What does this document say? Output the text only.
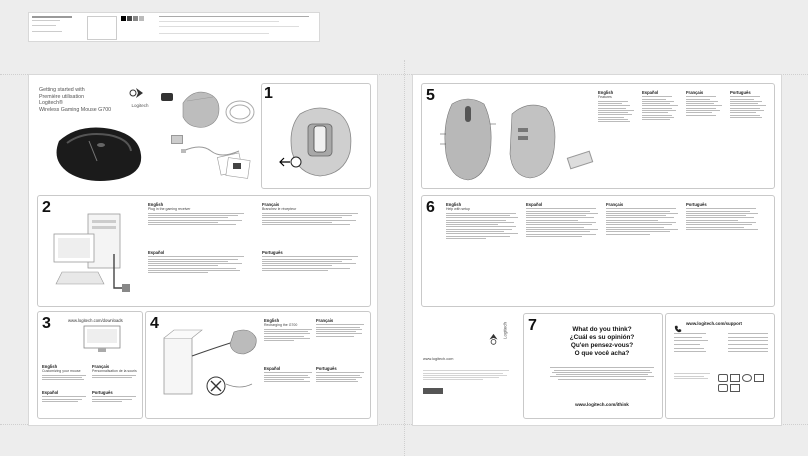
Getting started with
Première utilisation
Logitech®
Wireless Gaming Mouse G700
Logitech
1
2	English
Plug in the gaming receiver
Español
Français
Branchez le récepteur
Português
3	www.logitech.com/downloads
English
Customizing your mouse
Español
Français
Personnalisation de la souris
Português
4	English
Recharging the G700
Español
Français
Português
5	English
Features
Español	Français	Português
6	English
Help with setup
Español	Français	Português
Logitech
www.logitech.com
7	What do you think?
¿Cuál es su opinión?
Qu'en pensez-vous?
O que você acha?
www.logitech.com/ithink
www.logitech.com/support
